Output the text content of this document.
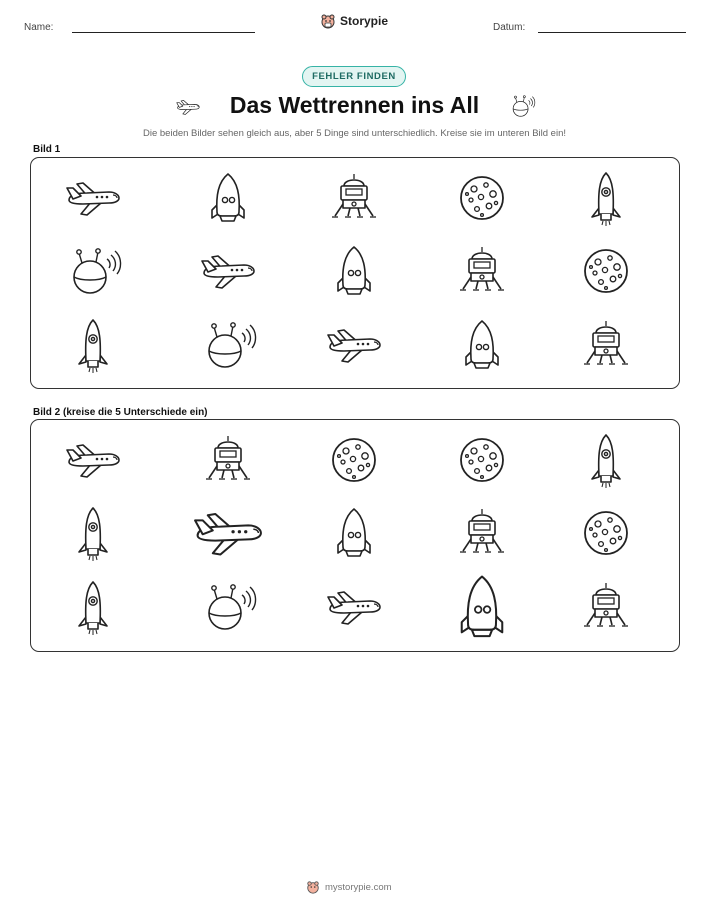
Name:	Storypie	Datum:
FEHLER FINDEN
Das Wettrennen ins All
Die beiden Bilder sehen gleich aus, aber 5 Dinge sind unterschiedlich. Kreise sie im unteren Bild ein!
Bild 1
Bild 2 (kreise die 5 Unterschiede ein)
mystorypie.com
